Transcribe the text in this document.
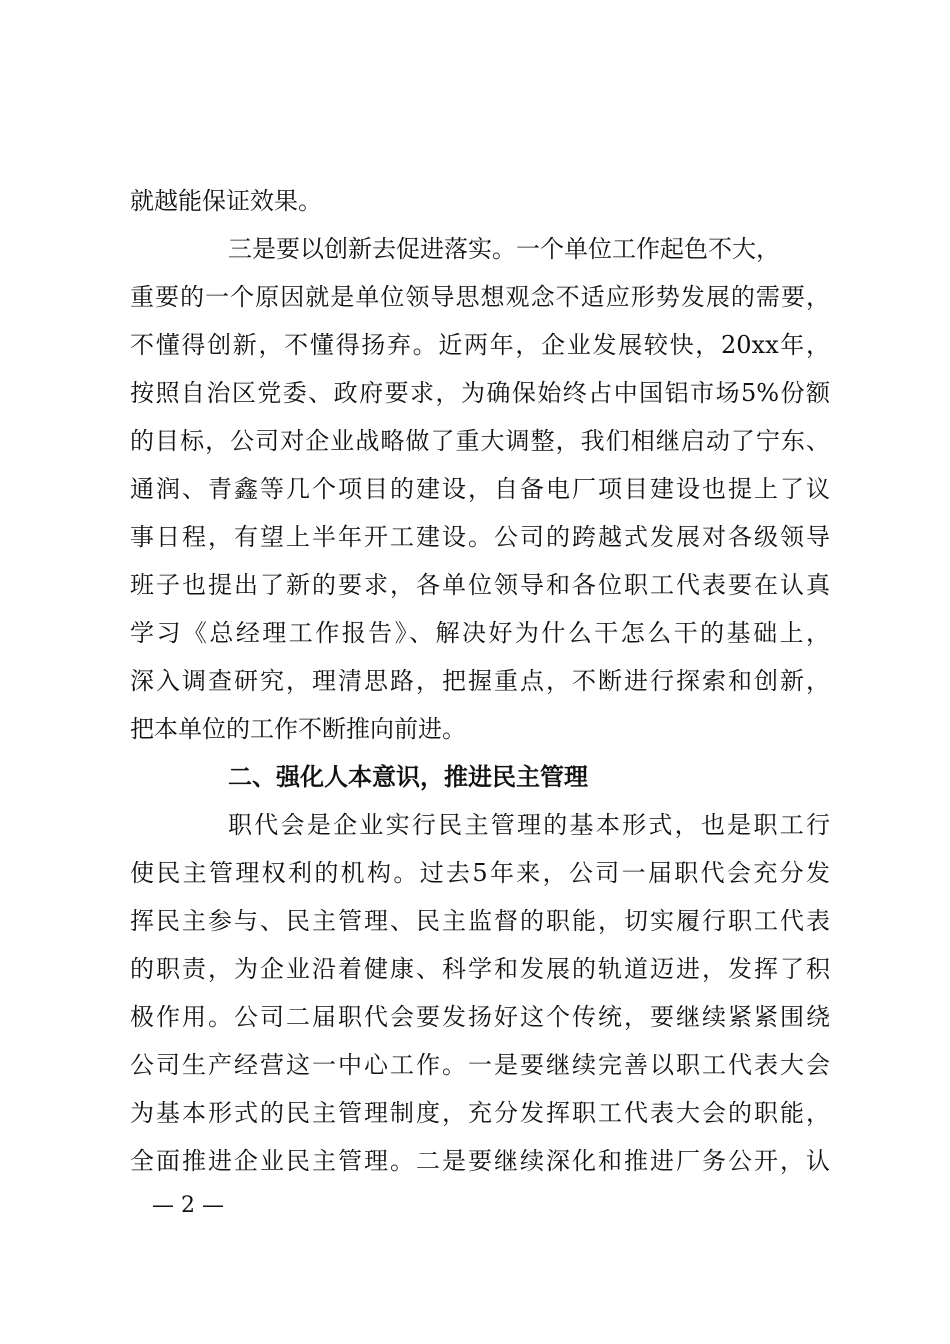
就越能保证效果。
三是要以创新去促进落实。一个单位工作起色不大，
重要的一个原因就是单位领导思想观念不适应形势发展的需要，
不懂得创新，不懂得扬弃。近两年，企业发展较快，20xx年，
按照自治区党委、政府要求，为确保始终占中国铝市场5%份额
的目标，公司对企业战略做了重大调整，我们相继启动了宁东、
通润、青鑫等几个项目的建设，自备电厂项目建设也提上了议
事日程，有望上半年开工建设。公司的跨越式发展对各级领导
班子也提出了新的要求，各单位领导和各位职工代表要在认真
学习《总经理工作报告》、解决好为什么干怎么干的基础上，
深入调查研究，理清思路，把握重点，不断进行探索和创新，
把本单位的工作不断推向前进。
二、强化人本意识，推进民主管理
职代会是企业实行民主管理的基本形式，也是职工行
使民主管理权利的机构。过去5年来，公司一届职代会充分发
挥民主参与、民主管理、民主监督的职能，切实履行职工代表
的职责，为企业沿着健康、科学和发展的轨道迈进，发挥了积
极作用。公司二届职代会要发扬好这个传统，要继续紧紧围绕
公司生产经营这一中心工作。一是要继续完善以职工代表大会
为基本形式的民主管理制度，充分发挥职工代表大会的职能，
全面推进企业民主管理。二是要继续深化和推进厂务公开，认
— 2 —
